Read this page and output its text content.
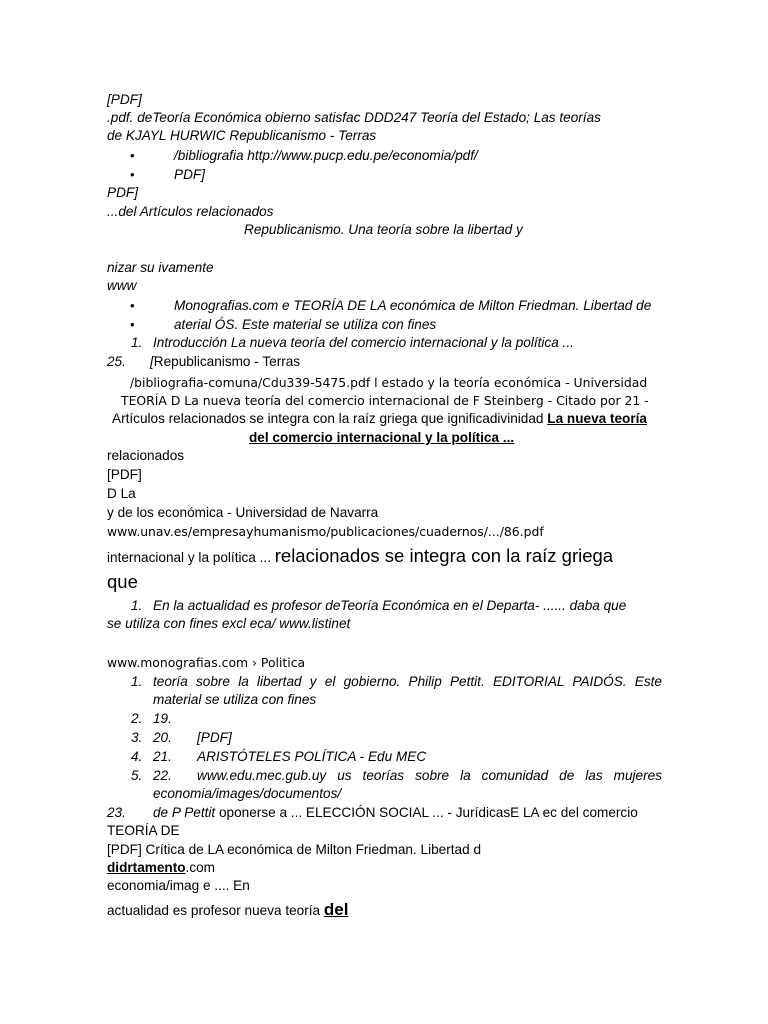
[PDF]
.pdf. deTeoría Económica obierno satisfac DDD247 Teoría del Estado; Las teorías
de KJAYL HURWIC Republicanismo - Terras
•	/bibliografia http://www.pucp.edu.pe/economia/pdf/
•	PDF]
PDF]
...del Artículos relacionados
Republicanismo. Una teoría sobre la libertad y
nizar su ivamente
www
•	Monografias.com e TEORÍA DE LA económica de Milton Friedman. Libertad de
•	aterial ÓS. Este material se utiliza con fines
1. Introducción La nueva teoría del comercio internacional y la política ...
25. [Republicanismo - Terras
/bibliografia-comuna/Cdu339-5475.pdf l estado y la teoría económica - Universidad
TEORÍA D La nueva teoría del comercio internacional de F Steinberg - Citado por 21 -
Artículos relacionados se integra con la raíz griega que ignificadivinidad La nueva teoría
del comercio internacional y la política ...
relacionados
[PDF]
D La
y de los económica - Universidad de Navarra
www.unav.es/empresayhumanismo/publicaciones/cuadernos/.../86.pdf
internacional y la política ... relacionados se integra con la raíz griega
que
1. En la actualidad es profesor deTeoría Económica en el Departa- ...... daba que
se utiliza con fines excl eca/ www.listinet
www.monografias.com › Politica
1. teoría sobre la libertad y el gobierno. Philip Pettit. EDITORIAL PAIDÓS. Este
material se utiliza con fines
2. 19.
3. 20. [PDF]
4. 21. ARISTÓTELES POLÍTICA - Edu MEC
5. 22. www.edu.mec.gub.uy us teorías sobre la comunidad de las mujeres
economia/images/documentos/
23. de P Pettit oponerse a ... ELECCIÓN SOCIAL ... - JurídicasE LA ec del comercio
TEORÍA DE
[PDF] Crítica de LA económica de Milton Friedman. Libertad d
didrtamento.com
economia/imag e .... En
actualidad es profesor nueva teoría del
